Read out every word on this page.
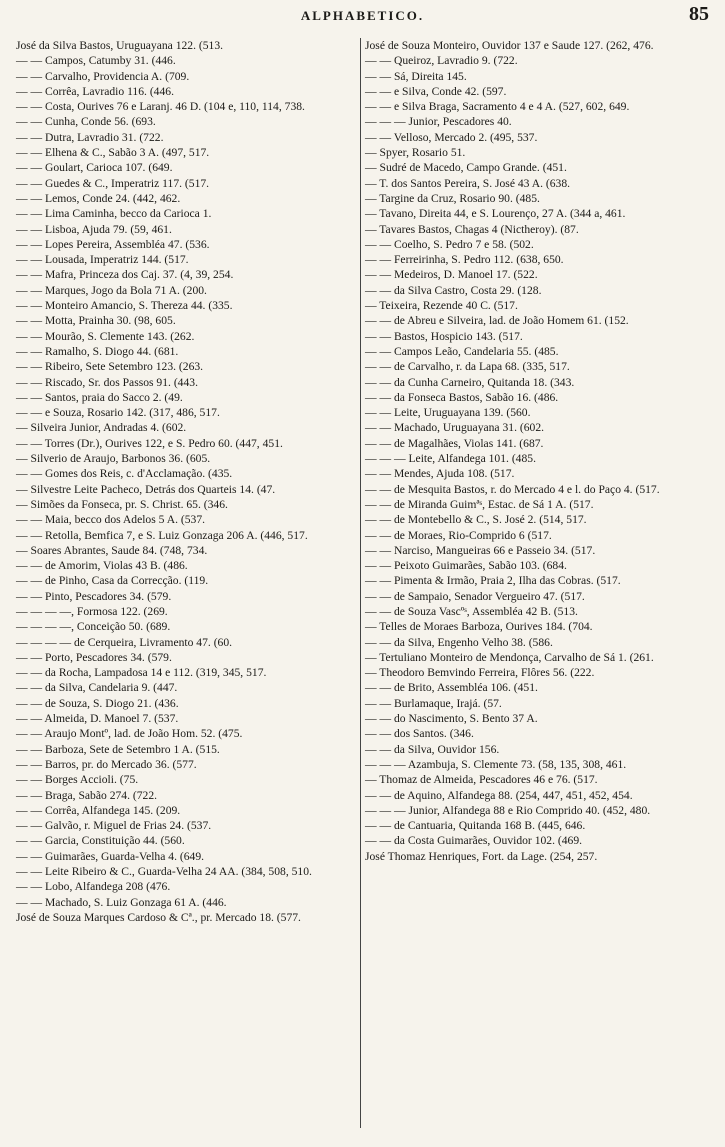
ALPHABETICO.	85

José da Silva Bastos, Uruguayana 122. (513.

— — Campos, Catumby 31. (446.

— — Carvalho, Providencia A. (709.

— — Corrêa, Lavradio 116. (446.

— — Costa, Ourives 76 e Laranj. 46 D. (104 e, 110, 114, 738.

— — Cunha, Conde 56. (693.

— — Dutra, Lavradio 31. (722.

— — Elhena & C., Sabão 3 A. (497, 517.

— — Goulart, Carioca 107. (649.

— — Guedes & C., Imperatriz 117. (517.

— — Lemos, Conde 24. (442, 462.

— — Lima Caminha, becco da Carioca 1.

— — Lisboa, Ajuda 79. (59, 461.

— — Lopes Pereira, Assembléa 47. (536.

— — Lousada, Imperatriz 144. (517.

— — Mafra, Princeza dos Caj. 37. (4, 39, 254.

— — Marques, Jogo da Bola 71 A. (200.

— — Monteiro Amancio, S. Thereza 44. (335.

— — Motta, Prainha 30. (98, 605.

— — Mourão, S. Clemente 143. (262.

— — Ramalho, S. Diogo 44. (681.

— — Ribeiro, Sete Setembro 123. (263.

— — Riscado, Sr. dos Passos 91. (443.

— — Santos, praia do Sacco 2. (49.

— — e Souza, Rosario 142. (317, 486, 517.

— Silveira Junior, Andradas 4. (602.

— — Torres (Dr.), Ourives 122, e S. Pedro 60. (447, 451.

— Silverio de Araujo, Barbonos 36. (605.

— — Gomes dos Reis, c. d'Acclamação. (435.

— Silvestre Leite Pacheco, Detrás dos Quarteis 14. (47.

— Simões da Fonseca, pr. S. Christ. 65. (346.

— — Maia, becco dos Adelos 5 A. (537.

— — Retolla, Bemfica 7, e S. Luiz Gonzaga 206 A. (446, 517.

— Soares Abrantes, Saude 84. (748, 734.

— — de Amorim, Violas 43 B. (486.

— — de Pinho, Casa da Correcção. (119.

— — Pinto, Pescadores 34. (579.

— — — —, Formosa 122. (269.

— — — —, Conceição 50. (689.

— — — — de Cerqueira, Livramento 47. (60.

— — Porto, Pescadores 34. (579.

— — da Rocha, Lampadosa 14 e 112. (319, 345, 517.

— — da Silva, Candelaria 9. (447.

— — de Souza, S. Diogo 21. (436.

— — Almeida, D. Manoel 7. (537.

— — Araujo Montº, lad. de João Hom. 52. (475.

— — Barboza, Sete de Setembro 1 A. (515.

— — Barros, pr. do Mercado 36. (577.

— — Borges Accioli. (75.

— — Braga, Sabão 274. (722.

— — Corrêa, Alfandega 145. (209.

— — Galvão, r. Miguel de Frias 24. (537.

— — Garcia, Constituição 44. (560.

— — Guimarães, Guarda-Velha 4. (649.

— — Leite Ribeiro & C., Guarda-Velha 24 AA. (384, 508, 510.

— — Lobo, Alfandega 208 (476.

— — Machado, S. Luiz Gonzaga 61 A. (446.

José de Souza Marques Cardoso & Cª., pr. Mercado 18. (577.

José de Souza Monteiro, Ouvidor 137 e Saude 127. (262, 476.

— — Queiroz, Lavradio 9. (722.

— — Sá, Direita 145.

— — e Silva, Conde 42. (597.

— — e Silva Braga, Sacramento 4 e 4 A. (527, 602, 649.

— — — Junior, Pescadores 40.

— — Velloso, Mercado 2. (495, 537.

— Spyer, Rosario 51.

— Sudré de Macedo, Campo Grande. (451.

— T. dos Santos Pereira, S. José 43 A. (638.

— Targine da Cruz, Rosario 90. (485.

— Tavano, Direita 44, e S. Lourenço, 27 A. (344 a, 461.

— Tavares Bastos, Chagas 4 (Nictheroy). (87.

— — Coelho, S. Pedro 7 e 58. (502.

— — Ferreirinha, S. Pedro 112. (638, 650.

— — Medeiros, D. Manoel 17. (522.

— — da Silva Castro, Costa 29. (128.

— Teixeira, Rezende 40 C. (517.

— — de Abreu e Silveira, lad. de João Homem 61. (152.

— — Bastos, Hospicio 143. (517.

— — Campos Leão, Candelaria 55. (485.

— — de Carvalho, r. da Lapa 68. (335, 517.

— — da Cunha Carneiro, Quitanda 18. (343.

— — da Fonseca Bastos, Sabão 16. (486.

— — Leite, Uruguayana 139. (560.

— — Machado, Uruguayana 31. (602.

— — de Magalhães, Violas 141. (687.

— — — Leite, Alfandega 101. (485.

— — Mendes, Ajuda 108. (517.

— — de Mesquita Bastos, r. do Mercado 4 e l. do Paço 4. (517.

— — de Miranda Guimªˢ, Estac. de Sá 1 A. (517.

— — de Montebello & C., S. José 2. (514, 517.

— — de Moraes, Rio-Comprido 6 (517.

— — Narciso, Mangueiras 66 e Passeio 34. (517.

— — Peixoto Guimarães, Sabão 103. (684.

— — Pimenta & Irmão, Praia 2, Ilha das Cobras. (517.

— — de Sampaio, Senador Vergueiro 47. (517.

— — de Souza Vascºˢ, Assembléa 42 B. (513.

— Telles de Moraes Barboza, Ourives 184. (704.

— — da Silva, Engenho Velho 38. (586.

— Tertuliano Monteiro de Mendonça, Carvalho de Sá 1. (261.

— Theodoro Bemvindo Ferreira, Flôres 56. (222.

— — de Brito, Assembléa 106. (451.

— — Burlamaque, Irajá. (57.

— — do Nascimento, S. Bento 37 A.

— — dos Santos. (346.

— — da Silva, Ouvidor 156.

— — — Azambuja, S. Clemente 73. (58, 135, 308, 461.

— Thomaz de Almeida, Pescadores 46 e 76. (517.

— — de Aquino, Alfandega 88. (254, 447, 451, 452, 454.

— — — Junior, Alfandega 88 e Rio Comprido 40. (452, 480.

— — de Cantuaria, Quitanda 168 B. (445, 646.

— — da Costa Guimarães, Ouvidor 102. (469.

José Thomaz Henriques, Fort. da Lage. (254, 257.
